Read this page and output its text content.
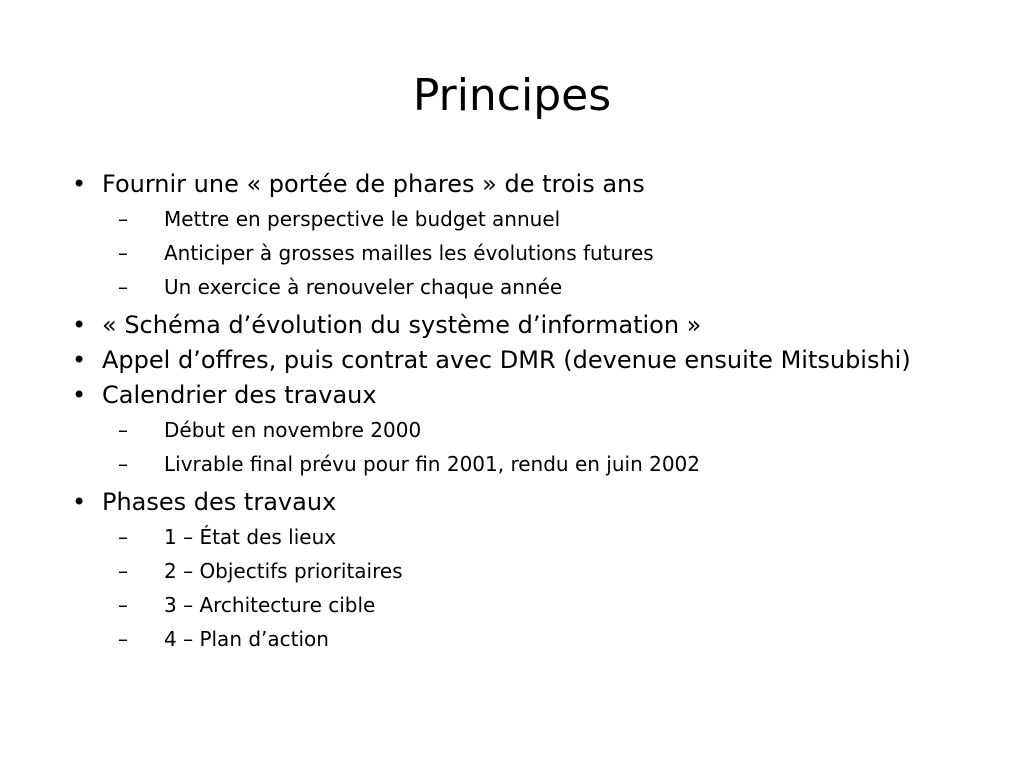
Principes
• Fournir une « portée de phares » de trois ans
– Mettre en perspective le budget annuel
– Anticiper à grosses mailles les évolutions futures
– Un exercice à renouveler chaque année
• « Schéma d’évolution du système d’information »
• Appel d’offres, puis contrat avec DMR (devenue ensuite Mitsubishi)
• Calendrier des travaux
– Début en novembre 2000
– Livrable final prévu pour fin 2001, rendu en juin 2002
• Phases des travaux
– 1 – État des lieux
– 2 – Objectifs prioritaires
– 3 – Architecture cible
– 4 – Plan d’action
